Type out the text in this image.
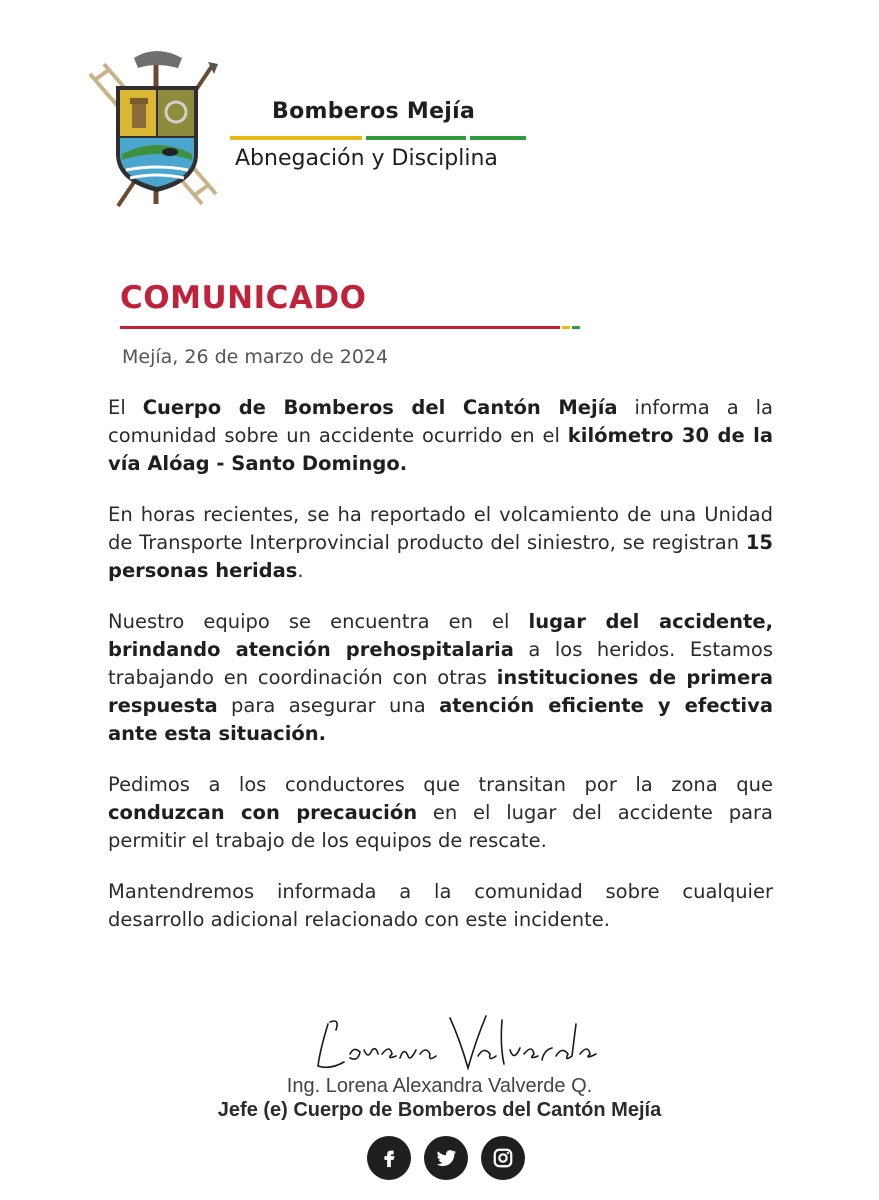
Bomberos Mejía
Abnegación y Disciplina
COMUNICADO
Mejía, 26 de marzo de 2024

El Cuerpo de Bomberos del Cantón Mejía informa a la comunidad sobre un accidente ocurrido en el kilómetro 30 de la vía Alóag - Santo Domingo.

En horas recientes, se ha reportado el volcamiento de una Unidad de Transporte Interprovincial producto del siniestro, se registran 15 personas heridas.

Nuestro equipo se encuentra en el lugar del accidente, brindando atención prehospitalaria a los heridos. Estamos trabajando en coordinación con otras instituciones de primera respuesta para asegurar una atención eficiente y efectiva ante esta situación.

Pedimos a los conductores que transitan por la zona que conduzcan con precaución en el lugar del accidente para permitir el trabajo de los equipos de rescate.

Mantendremos informada a la comunidad sobre cualquier desarrollo adicional relacionado con este incidente.

Ing. Lorena Alexandra Valverde Q.
Jefe (e) Cuerpo de Bomberos del Cantón Mejía
